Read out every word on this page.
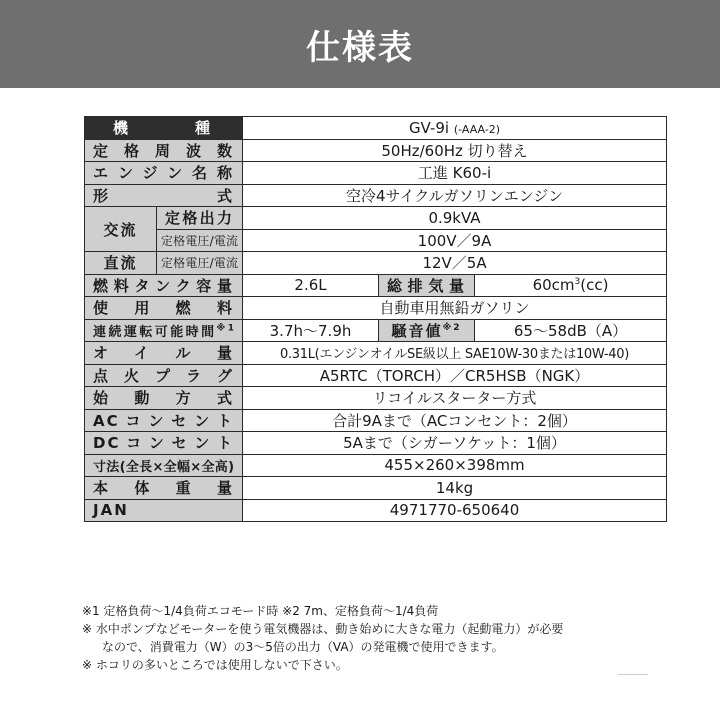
仕様表
機　種		GV-9i (-AAA-2)		
定格周波数		50Hz/60Hz 切り替え		
エンジン名称		工進 K60-i		
形　式		空冷4サイクルガソリンエンジン		
交流	定格出力	0.9kVA		
	定格電圧/電流	100V／9A		
直流	定格電圧/電流	12V／5A		
燃料タンク容量		2.6L	総排気量	$60cm^3(cc)$
使用燃料		自動車用無鉛ガソリン		
連続運転可能時間$^{※1}$		3.7h〜7.9h	騒音値$^{※2}$	65〜58dB（A）
オイル量		0.31L(エンジンオイルSE級以上 SAE10W-30または10W-40)		
点火プラグ		A5RTC（TORCH）／CR5HSB（NGK）		
始動方式		リコイルスターター方式		
ACコンセント		合計9Aまで（ACコンセント：2個）		
DCコンセント		5Aまで（シガーソケット：1個）		
寸法(全長×全幅×全高)		455×260×398mm		
本体重量		14kg		
JAN		4971770-650640		
※1 定格負荷〜1/4負荷エコモード時 ※2 7m、定格負荷〜1/4負荷
※ 水中ポンプなどモーターを使う電気機器は、動き始めに大きな電力（起動電力）が必要
なので、消費電力（W）の3〜5倍の出力（VA）の発電機で使用できます。
※ ホコリの多いところでは使用しないで下さい。
